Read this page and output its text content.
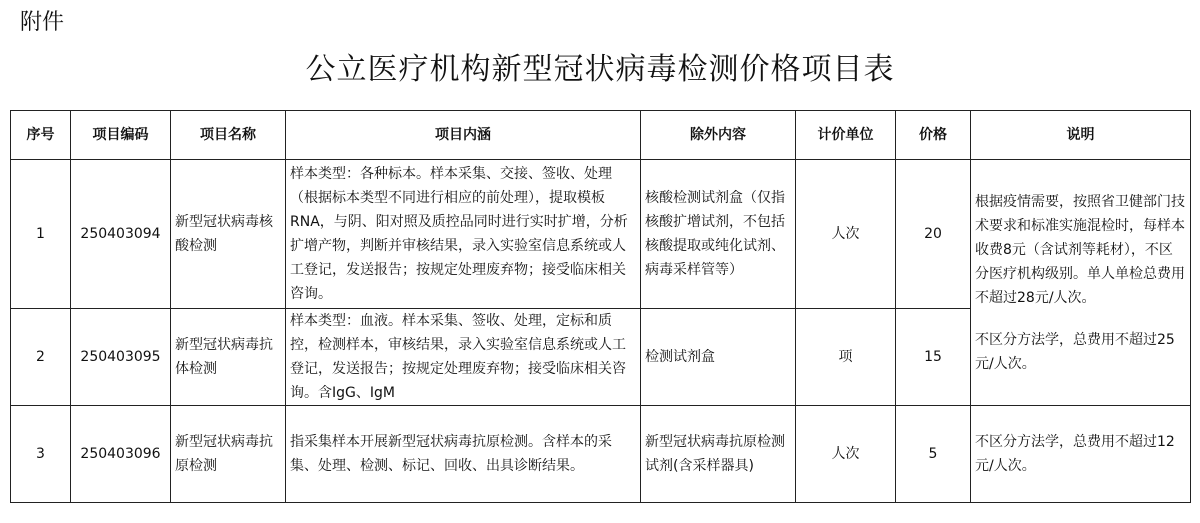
附件
公立医疗机构新型冠状病毒检测价格项目表
序号	项目编码	项目名称	项目内涵	除外内容	计价单位	价格	说明
1	250403094	新型冠状病毒核酸检测	样本类型：各种标本。样本采集、交接、签收、处理（根据标本类型不同进行相应的前处理），提取模板RNA，与阴、阳对照及质控品同时进行实时扩增，分析扩增产物，判断并审核结果，录入实验室信息系统或人工登记，发送报告；按规定处理废弃物；接受临床相关咨询。	核酸检测试剂盒（仅指核酸扩增试剂，不包括核酸提取或纯化试剂、病毒采样管等）	人次	20	根据疫情需要，按照省卫健部门技术要求和标准实施混检时，每样本收费8元（含试剂等耗材），不区分医疗机构级别。单人单检总费用不超过28元/人次。
不区分方法学，总费用不超过25元/人次。

2	250403095	新型冠状病毒抗体检测	样本类型：血液。样本采集、签收、处理，定标和质控，检测样本，审核结果，录入实验室信息系统或人工登记，发送报告；按规定处理废弃物；接受临床相关咨询。含IgG、IgM	检测试剂盒	项	15	
3	250403096	新型冠状病毒抗原检测	指采集样本开展新型冠状病毒抗原检测。含样本的采集、处理、检测、标记、回收、出具诊断结果。	新型冠状病毒抗原检测试剂(含采样器具)	人次	5	不区分方法学，总费用不超过12元/人次。
